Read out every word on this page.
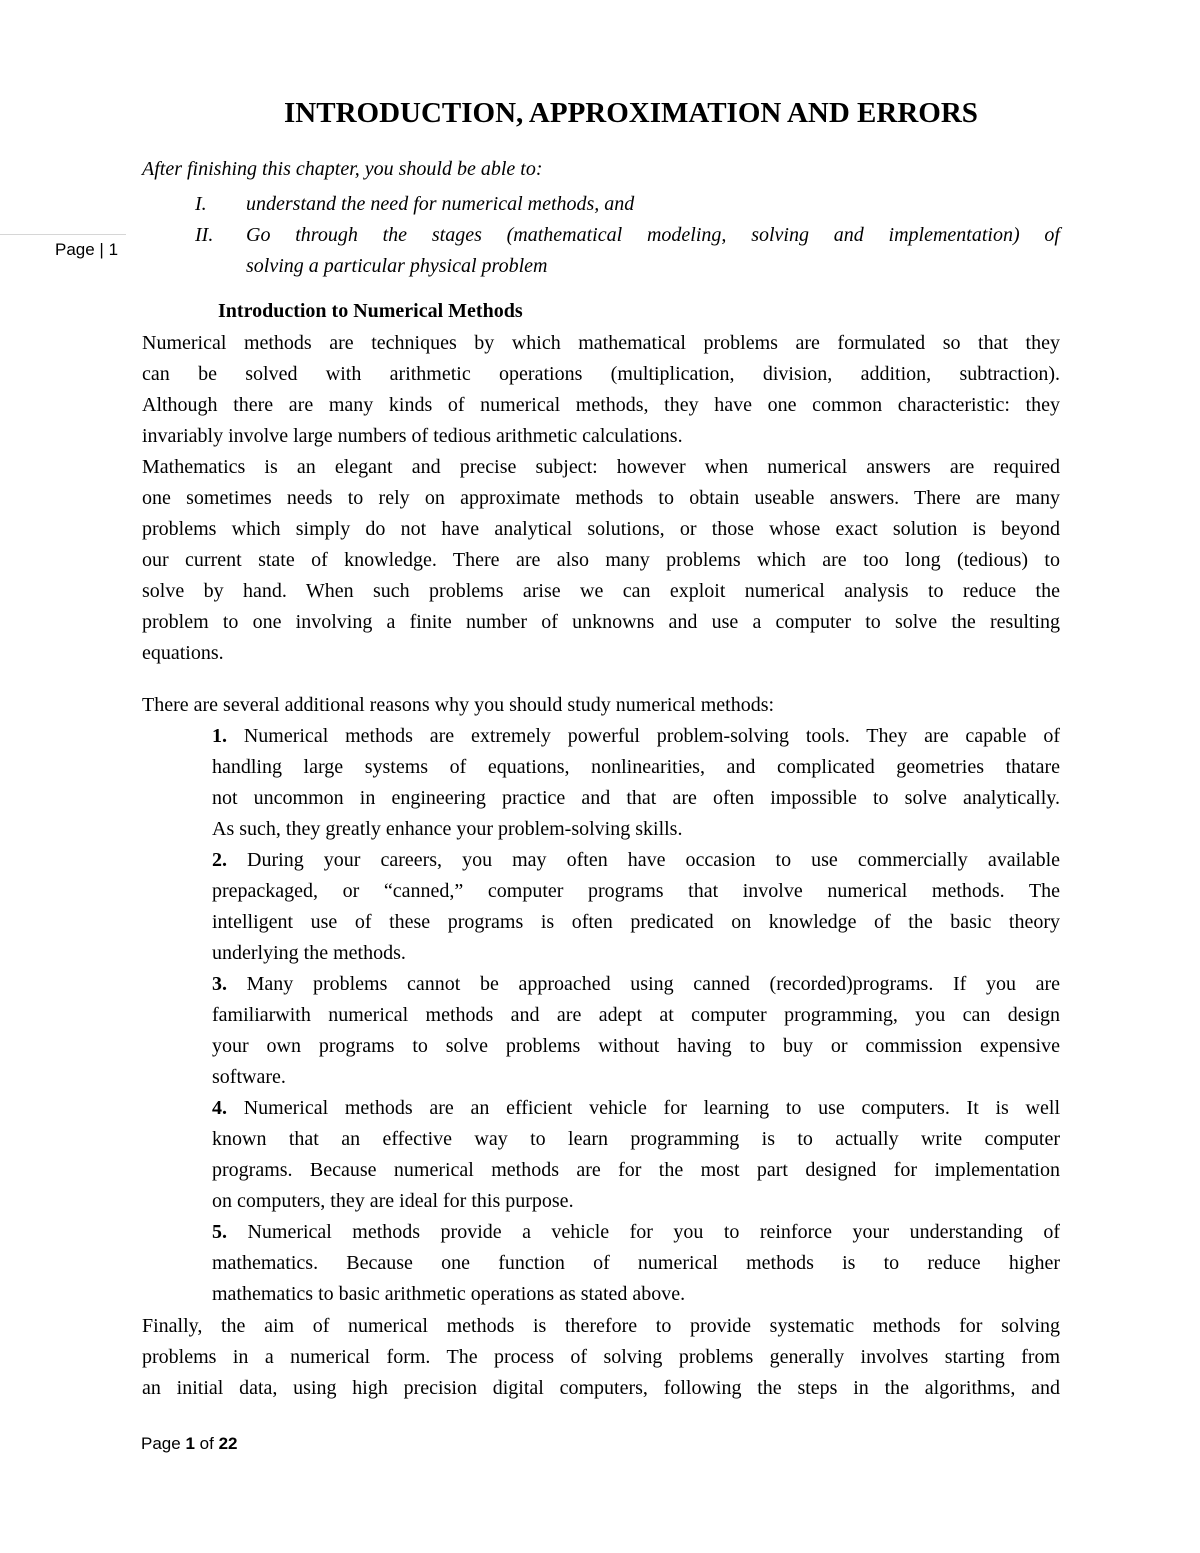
Page | 1
INTRODUCTION, APPROXIMATION AND ERRORS
After finishing this chapter, you should be able to:
I. understand the need for numerical methods, and
II. Go through the stages (mathematical modeling, solving and implementation) of
solving a particular physical problem
Introduction to Numerical Methods
Numerical methods are techniques by which mathematical problems are formulated so that they
can be solved with arithmetic operations (multiplication, division, addition, subtraction).
Although there are many kinds of numerical methods, they have one common characteristic: they
invariably involve large numbers of tedious arithmetic calculations.
Mathematics is an elegant and precise subject: however when numerical answers are required
one sometimes needs to rely on approximate methods to obtain useable answers. There are many
problems which simply do not have analytical solutions, or those whose exact solution is beyond
our current state of knowledge. There are also many problems which are too long (tedious) to
solve by hand. When such problems arise we can exploit numerical analysis to reduce the
problem to one involving a finite number of unknowns and use a computer to solve the resulting
equations.
There are several additional reasons why you should study numerical methods:
1. Numerical methods are extremely powerful problem-solving tools. They are capable of
handling large systems of equations, nonlinearities, and complicated geometries thatare
not uncommon in engineering practice and that are often impossible to solve analytically.
As such, they greatly enhance your problem-solving skills.
2. During your careers, you may often have occasion to use commercially available
prepackaged, or “canned,” computer programs that involve numerical methods. The
intelligent use of these programs is often predicated on knowledge of the basic theory
underlying the methods.
3. Many problems cannot be approached using canned (recorded)programs. If you are
familiarwith numerical methods and are adept at computer programming, you can design
your own programs to solve problems without having to buy or commission expensive
software.
4. Numerical methods are an efficient vehicle for learning to use computers. It is well
known that an effective way to learn programming is to actually write computer
programs. Because numerical methods are for the most part designed for implementation
on computers, they are ideal for this purpose.
5. Numerical methods provide a vehicle for you to reinforce your understanding of
mathematics. Because one function of numerical methods is to reduce higher
mathematics to basic arithmetic operations as stated above.
Finally, the aim of numerical methods is therefore to provide systematic methods for solving
problems in a numerical form. The process of solving problems generally involves starting from
an initial data, using high precision digital computers, following the steps in the algorithms, and
Page 1 of 22
